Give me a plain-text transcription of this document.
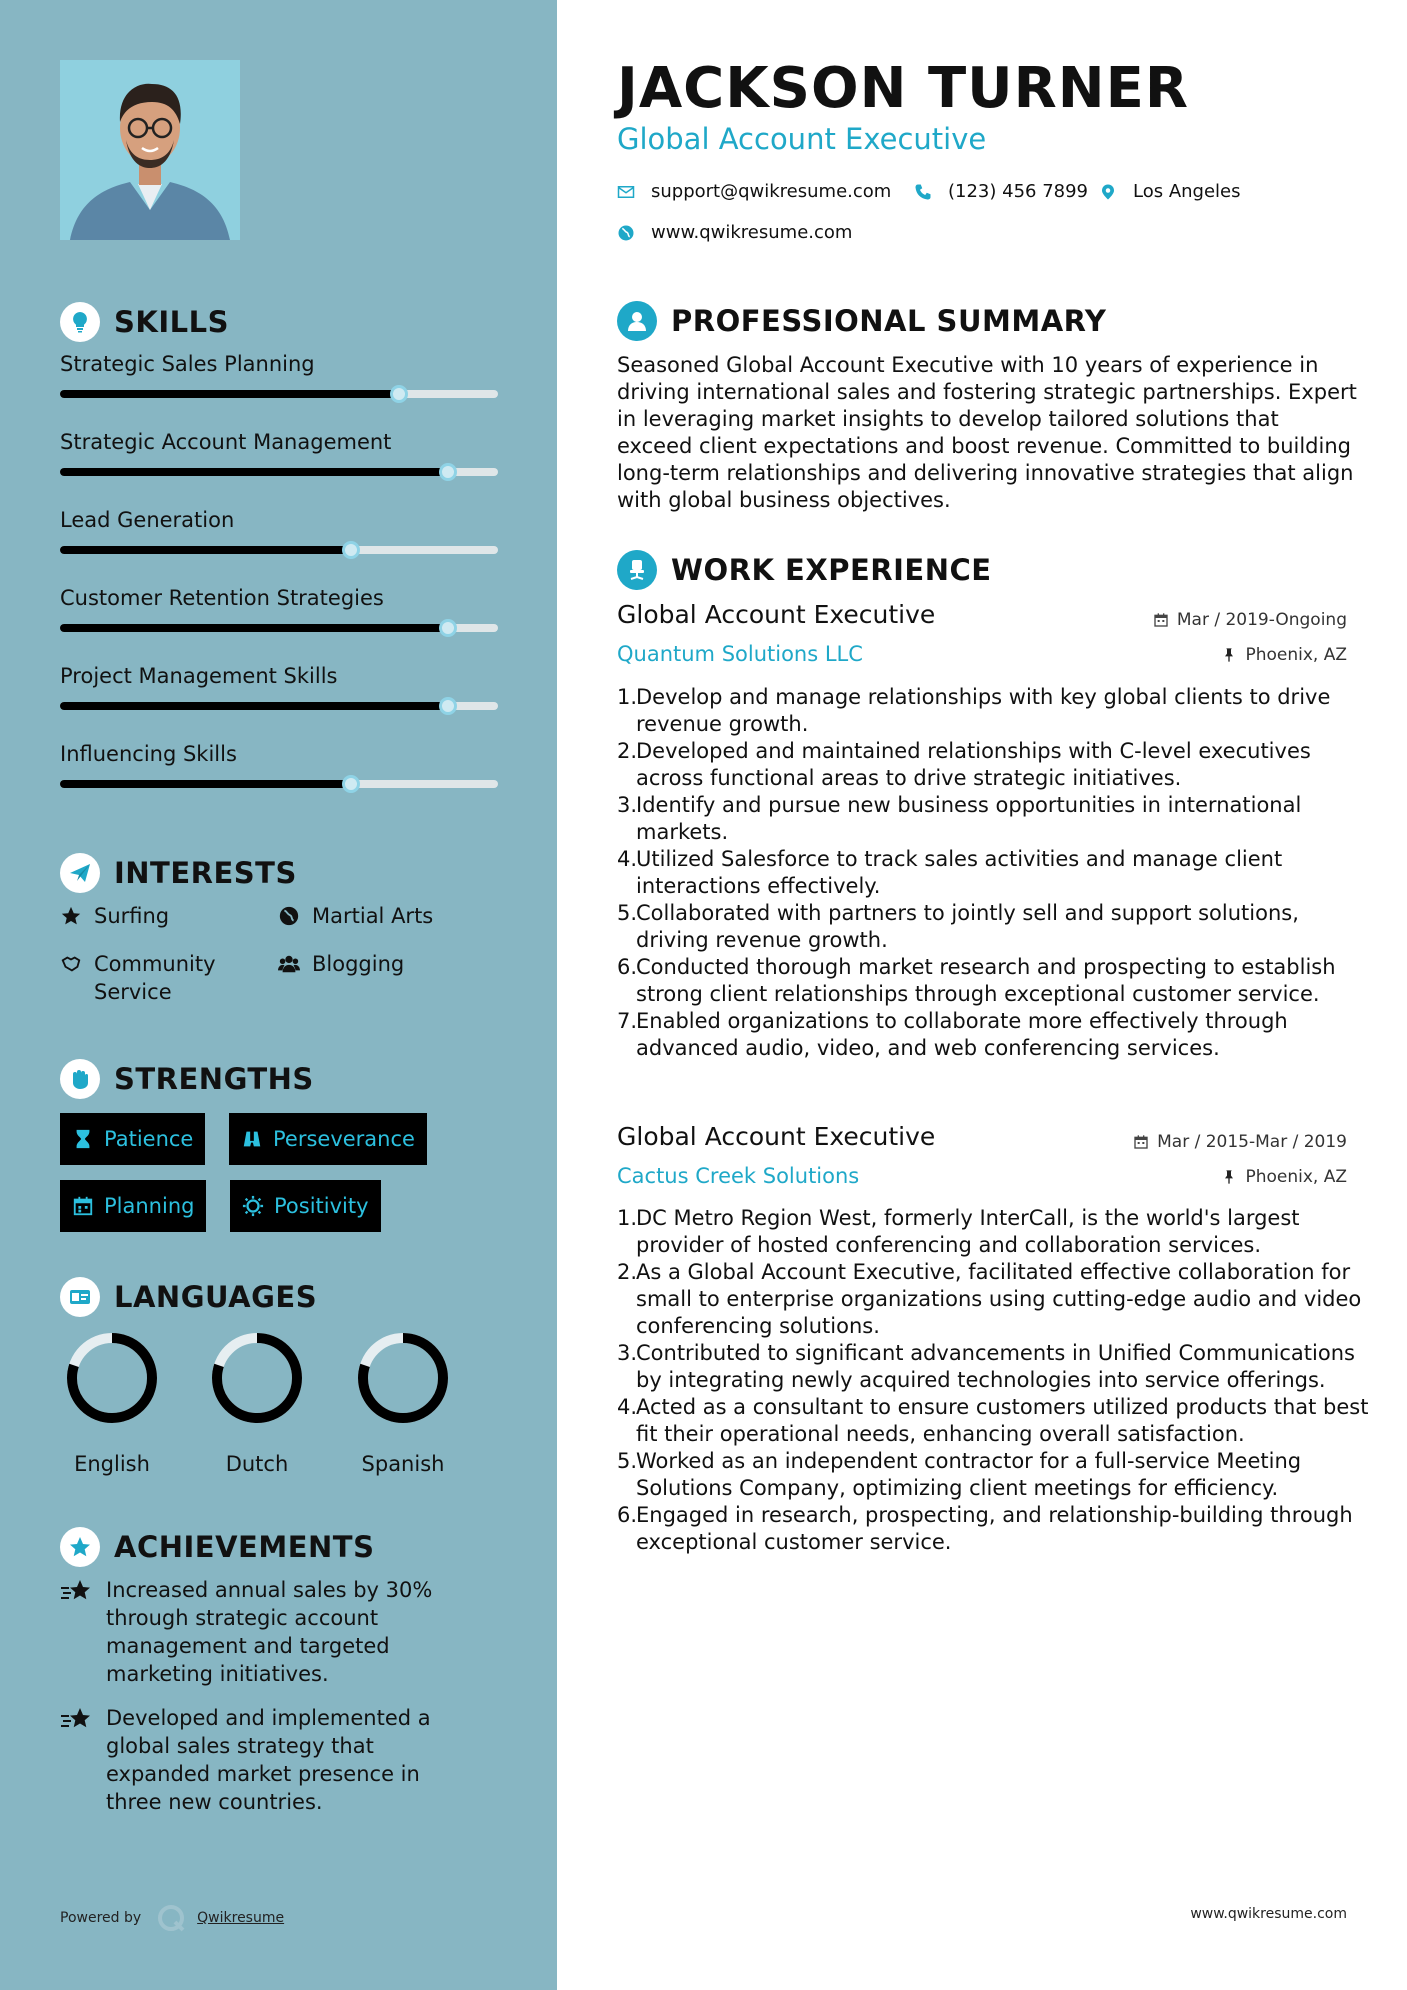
SKILLS
Strategic Sales Planning
Strategic Account Management
Lead Generation
Customer Retention Strategies
Project Management Skills
Influencing Skills
INTERESTS
Surfing	Martial Arts
Community Service
Blogging
STRENGTHS
Patience	Perseverance
Planning	Positivity
LANGUAGES
English	Dutch	Spanish
ACHIEVEMENTS
Increased annual sales by 30% through strategic account management and targeted marketing initiatives.
Developed and implemented a global sales strategy that expanded market presence in three new countries.
Powered by	Qwikresume
JACKSON TURNER
Global Account Executive
support@qwikresume.com	(123) 456 7899 Los Angeles
www.qwikresume.com
PROFESSIONAL SUMMARY
Seasoned Global Account Executive with 10 years of experience in driving international sales and fostering strategic partnerships. Expert in leveraging market insights to develop tailored solutions that exceed client expectations and boost revenue. Committed to building long-term relationships and delivering innovative strategies that align with global business objectives.
WORK EXPERIENCE
Global Account Executive	Mar / 2019-Ongoing
Quantum Solutions LLC	Phoenix, AZ
1.
Develop and manage relationships with key global clients to drive revenue growth.
2.
Developed and maintained relationships with C-level executives across functional areas to drive strategic initiatives.
3.
Identify and pursue new business opportunities in international markets.
4.
Utilized Salesforce to track sales activities and manage client interactions effectively.
5.
Collaborated with partners to jointly sell and support solutions, driving revenue growth.
6.
Conducted thorough market research and prospecting to establish strong client relationships through exceptional customer service.
7.
Enabled organizations to collaborate more effectively through advanced audio, video, and web conferencing services.
Global Account Executive	Mar / 2015-Mar / 2019
Cactus Creek Solutions	Phoenix, AZ
1.
DC Metro Region West, formerly InterCall, is the world's largest provider of hosted conferencing and collaboration services.
2.
As a Global Account Executive, facilitated effective collaboration for small to enterprise organizations using cutting-edge audio and video conferencing solutions.
3.
Contributed to significant advancements in Unified Communications by integrating newly acquired technologies into service offerings.
4.
Acted as a consultant to ensure customers utilized products that best fit their operational needs, enhancing overall satisfaction.
5.
Worked as an independent contractor for a full-service Meeting Solutions Company, optimizing client meetings for efficiency.
6.
Engaged in research, prospecting, and relationship-building through exceptional customer service.
www.qwikresume.com
